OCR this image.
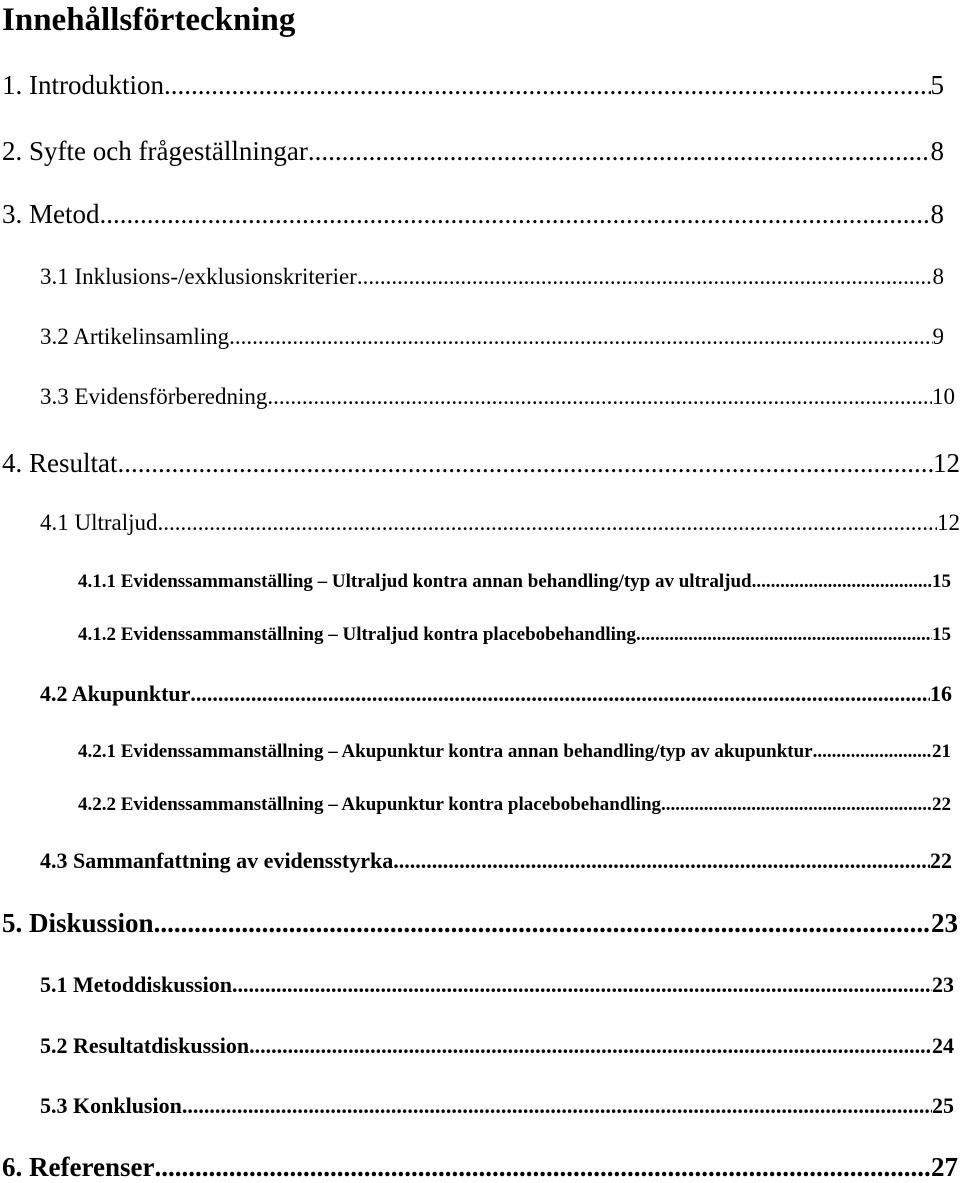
Innehållsförteckning
1. Introduktion .....	5
2. Syfte och frågeställningar .....	8
3. Metod .....	8
3.1 Inklusions-/exklusionskriterier .....	8
3.2 Artikelinsamling .....	9
3.3 Evidensförberedning .....	10
4. Resultat .....	12
4.1 Ultraljud .....	12
4.1.1 Evidenssammanställing – Ultraljud kontra annan behandling/typ av ultraljud .....	15
4.1.2 Evidenssammanställning – Ultraljud kontra placebobehandling .....	15
4.2 Akupunktur .....	16
4.2.1 Evidenssammanställning – Akupunktur kontra annan behandling/typ av akupunktur .....	21
4.2.2 Evidenssammanställning – Akupunktur kontra placebobehandling .....	22
4.3 Sammanfattning av evidensstyrka .....	22
5. Diskussion .....	23
5.1 Metoddiskussion .....	23
5.2 Resultatdiskussion .....	24
5.3 Konklusion .....	25
6. Referenser .....	27
